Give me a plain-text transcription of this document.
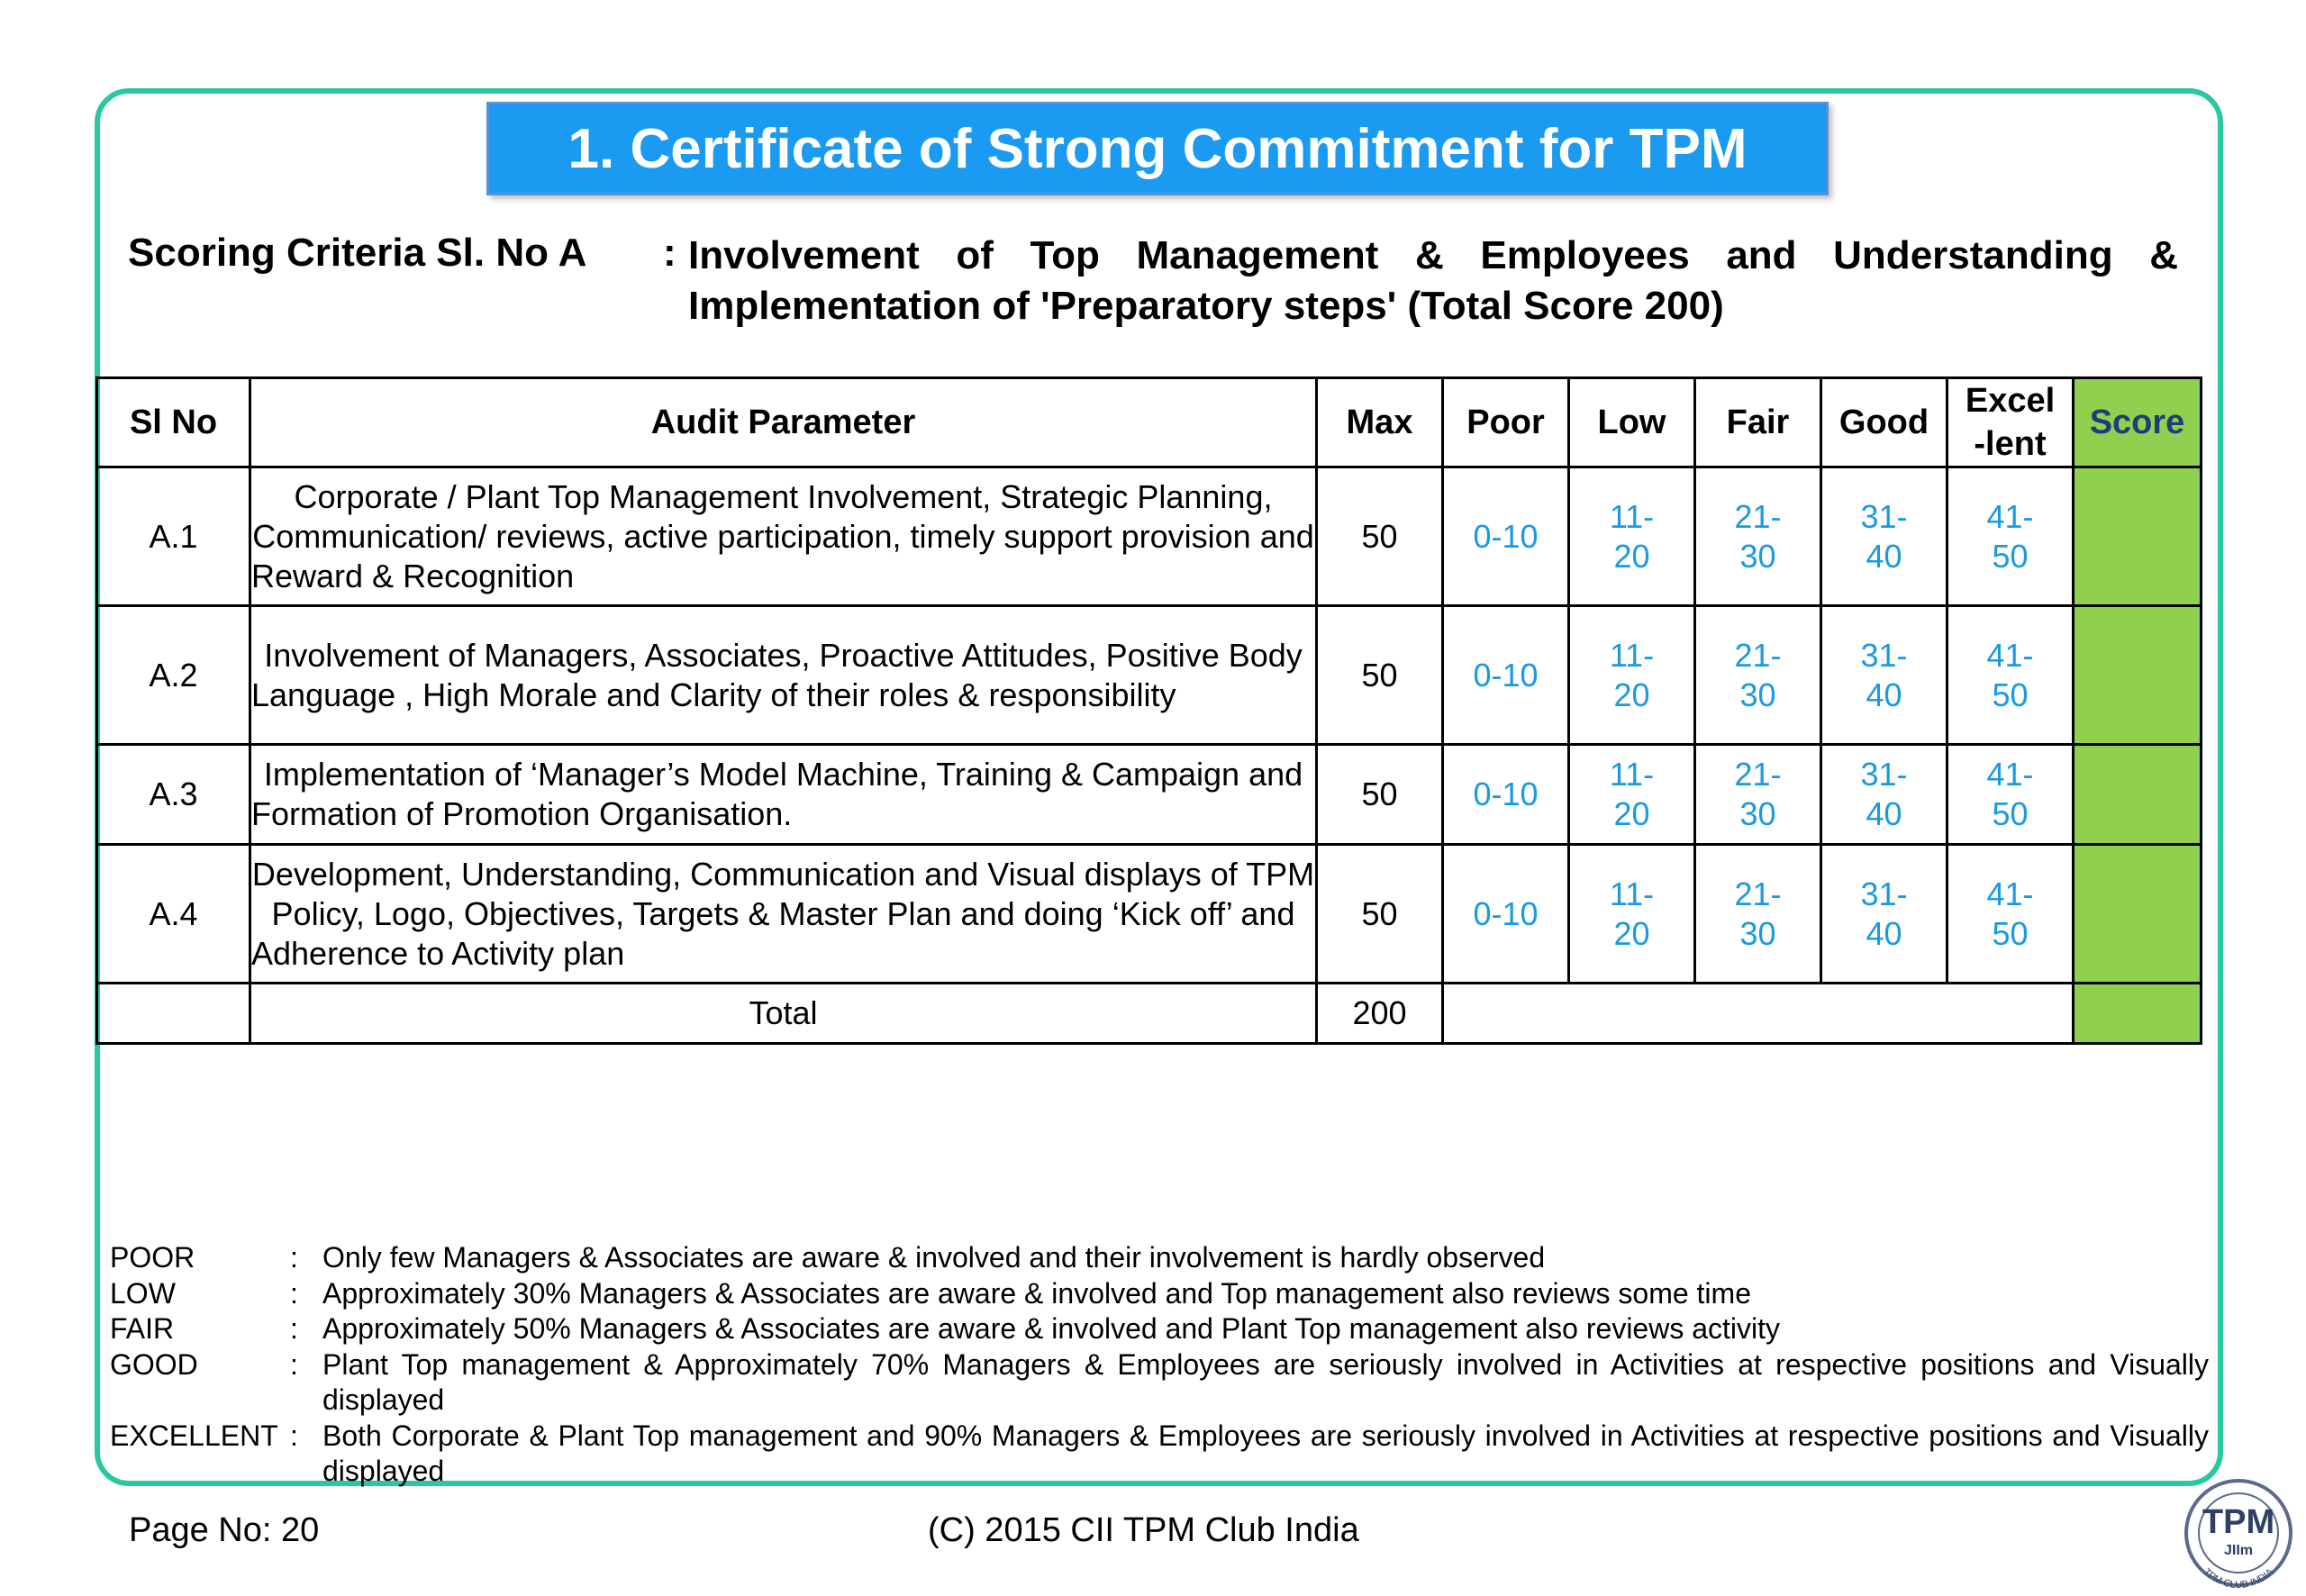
1. Certificate of Strong Commitment for TPM
Scoring Criteria Sl. No A : Involvement of Top Management & Employees and Understanding & Implementation of 'Preparatory steps' (Total Score 200)
Sl No	Audit Parameter	Max	Poor	Low	Fair	Good	Excel -lent	Score
A.1	Corporate / Plant Top Management Involvement, Strategic Planning, Communication/ reviews, active participation, timely support provision and Reward & Recognition	50	0-10	11- 20	21- 30	31- 40	41- 50	
A.2	Involvement of Managers, Associates, Proactive Attitudes, Positive Body Language , High Morale and Clarity of their roles & responsibility	50	0-10	11- 20	21- 30	31- 40	41- 50	
A.3	Implementation of ‘Manager’s Model Machine, Training & Campaign and Formation of Promotion Organisation.	50	0-10	11- 20	21- 30	31- 40	41- 50	
A.4	Development, Understanding, Communication and Visual displays of TPM Policy, Logo, Objectives, Targets & Master Plan and doing ‘Kick off’ and Adherence to Activity plan	50	0-10	11- 20	21- 30	31- 40	41- 50	
	Total	200						
POOR	: Only few Managers & Associates are aware & involved and their involvement is hardly observed
LOW	: Approximately 30% Managers & Associates are aware & involved and Top management also reviews some time
FAIR	: Approximately 50% Managers & Associates are aware & involved and Plant Top management also reviews activity
GOOD	: Plant Top management & Approximately 70% Managers & Employees are seriously involved in Activities at respective positions and Visually displayed
EXCELLENT : Both Corporate & Plant Top management and 90% Managers & Employees are seriously involved in Activities at respective positions and Visually displayed
Page No: 20	(C) 2015 CII TPM Club India	TPM
JIIm
TPM CLUB INDIA
